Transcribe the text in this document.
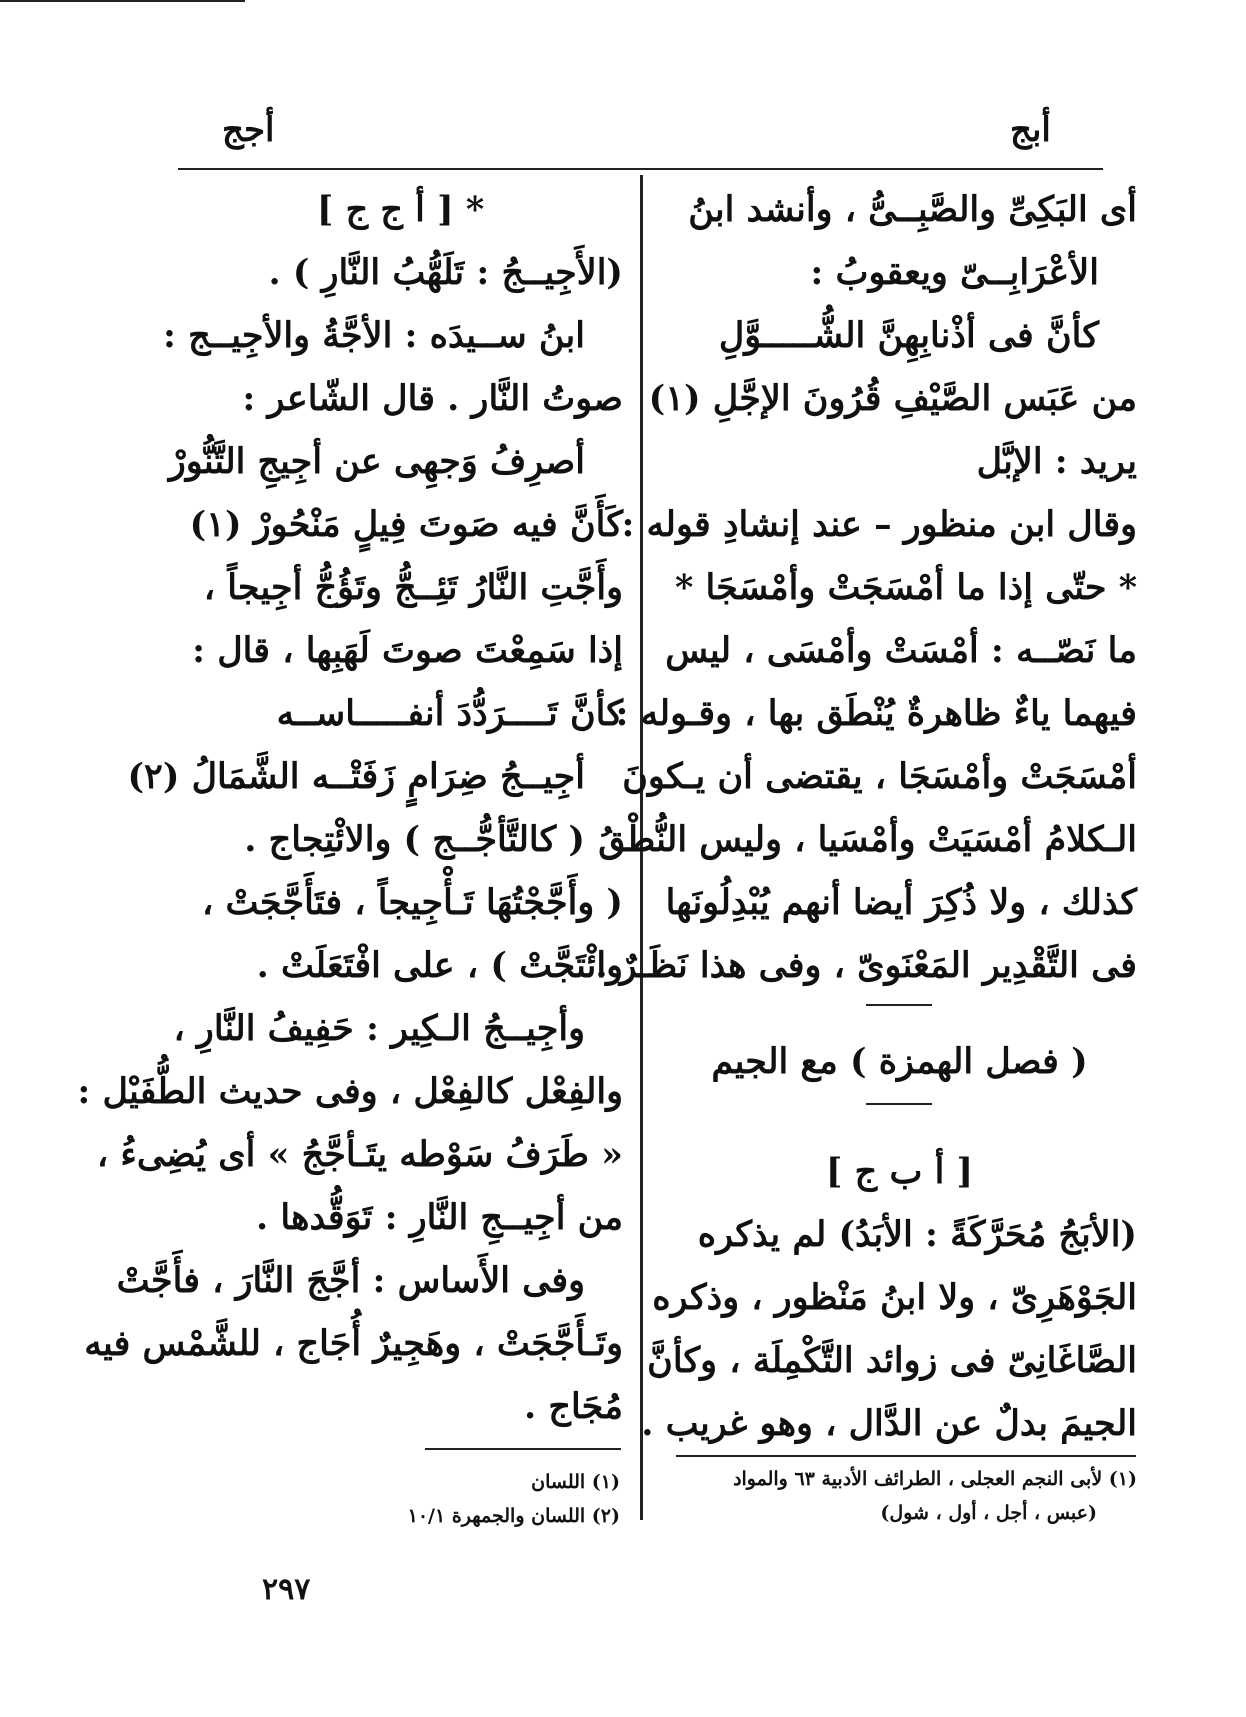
أبج
أجج
أى البَكِىِّ والصَّبِــىُّ ، وأنشد ابنُ
الأعْرَابِــىّ ويعقوبُ :
كأنَّ فى أذْنابِهِنَّ الشُّـــــوَّلِ
من عَبَس الصَّيْفِ قُرُونَ الإجَّلِ (١)
يريد : الإبَّل
وقال ابن منظور – عند إنشادِ قوله :
* حتّى إذا ما أمْسَجَتْ وأمْسَجَا *
ما نَصّــه : أمْسَتْ وأمْسَى ، ليس
فيهما ياءٌ ظاهرةٌ يُنْطَق بها ، وقـوله :
أمْسَجَتْ وأمْسَجَا ، يقتضى أن يـكونَ
الـكلامُ أمْسَيَتْ وأمْسَيا ، وليس النُّطْقُ
كذلك ، ولا ذُكِرَ أيضا أنهم يُبْدِلُونَها
فى التَّقْدِير المَعْنَوىّ ، وفى هذا نَظَـرٌ .
( فصل الهمزة ) مع الجيم
[ أ ب ج ]
(الأبَجُ مُحَرَّكَةً : الأبَدُ) لم يذكره
الجَوْهَرِىّ ، ولا ابنُ مَنْظور ، وذكره
الصَّاغَانِىّ فى زوائد التَّكْمِلَة ، وكأنَّ
الجيمَ بدلٌ عن الدَّال ، وهو غريب .
(١) لأبى النجم العجلى ، الطرائف الأدبية ٦٣ والمواد
(عبس ، أجل ، أول ، شول)
* [ أ ج ج ]
(الأَجِيــجُ : تَلَهُّبُ النَّارِ ) .
ابنُ ســيدَه : الأجَّةُ والأجِيــج :
صوتُ النَّار . قال الشّاعر :
أصرِفُ وَجهِى عن أجِيجِ التَّنُّورْ
كَأَنَّ فيه صَوتَ فِيلٍ مَنْحُورْ (١)
وأَجَّتِ النَّارُ تَئِــجُّ وتَؤُجُّ أجِيجاً ،
إذا سَمِعْتَ صوتَ لَهَبِها ، قال :
كأنَّ تَــــرَدُّدَ أنفـــــاســه
أجِيــجُ ضِرَامٍ زَفَتْــه الشَّمَالُ (٢)
( كالتَّأجُّــج ) والائْتِجاج .
( وأَجَّجْتُهَا تَـأْجِيجاً ، فتَأَجَّجَتْ ،
وائْتَجَّتْ ) ، على افْتَعَلَتْ .
وأجِيــجُ الـكِير : حَفِيفُ النَّارِ ،
والفِعْل كالفِعْل ، وفى حديث الطُّفَيْل :
« طَرَفُ سَوْطه يتَـأجَّجُ » أى يُضِىءُ ،
من أجِيــجِ النَّارِ : تَوَقُّدها .
وفى الأَساس : أجَّجَ النَّارَ ، فأَجَّتْ
وتَـأَجَّجَتْ ، وهَجِيرٌ أُجَاج ، للشَّمْس فيه
مُجَاج .
(١) اللسان
(٢) اللسان والجمهرة ١٠/١
٢٩٧
